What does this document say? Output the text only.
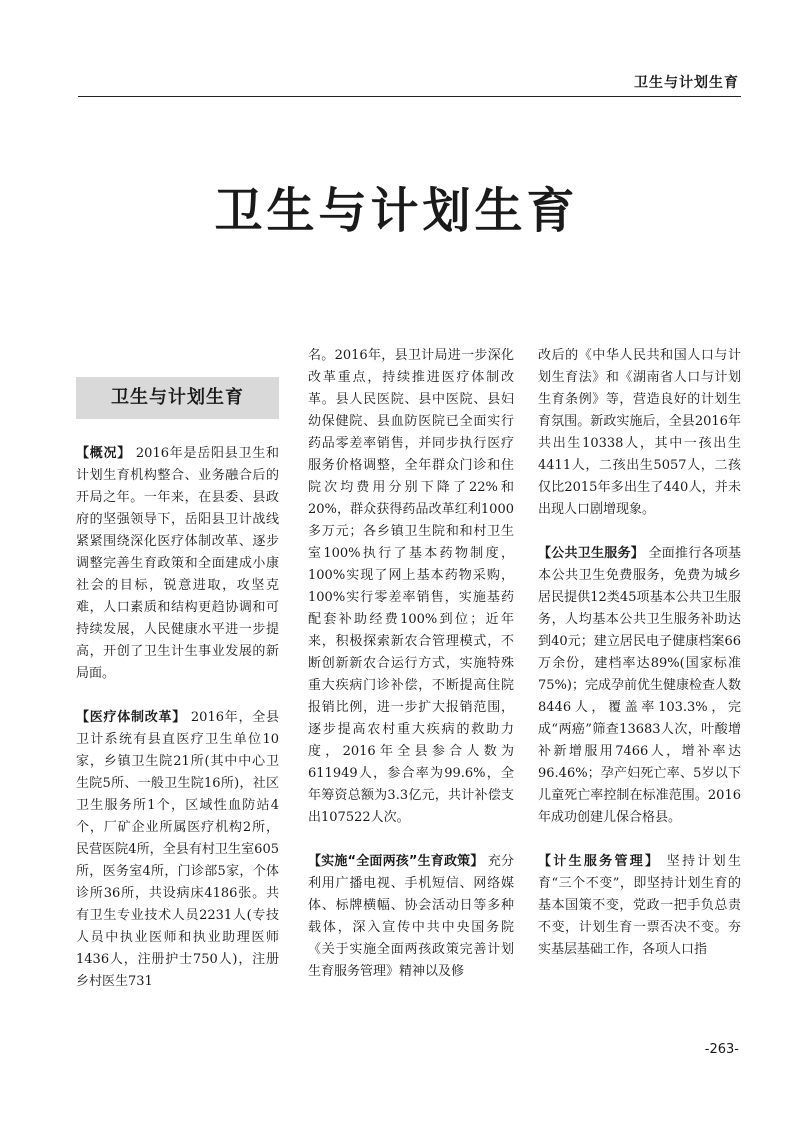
卫生与计划生育
卫生与计划生育
卫生与计划生育

【概况】 2016年是岳阳县卫生和计划生育机构整合、业务融合后的开局之年。一年来，在县委、县政府的坚强领导下，岳阳县卫计战线紧紧围绕深化医疗体制改革、逐步调整完善生育政策和全面建成小康社会的目标，锐意进取，攻坚克难，人口素质和结构更趋协调和可持续发展，人民健康水平进一步提高，开创了卫生计生事业发展的新局面。

【医疗体制改革】 2016年，全县卫计系统有县直医疗卫生单位10家，乡镇卫生院21所(其中中心卫生院5所、一般卫生院16所)，社区卫生服务所1个，区域性血防站4个，厂矿企业所属医疗机构2所，民营医院4所，全县有村卫生室605所，医务室4所，门诊部5家，个体诊所36所，共设病床4186张。共有卫生专业技术人员2231人(专技人员中执业医师和执业助理医师1436人，注册护士750人)，注册乡村医生731

名。2016年，县卫计局进一步深化改革重点，持续推进医疗体制改革。县人民医院、县中医院、县妇幼保健院、县血防医院已全面实行药品零差率销售，并同步执行医疗服务价格调整，全年群众门诊和住院次均费用分别下降了22%和20%，群众获得药品改革红利1000多万元；各乡镇卫生院和和村卫生室100%执行了基本药物制度，100%实现了网上基本药物采购，100%实行零差率销售，实施基药配套补助经费100%到位；近年来，积极探索新农合管理模式，不断创新新农合运行方式，实施特殊重大疾病门诊补偿，不断提高住院报销比例，进一步扩大报销范围，逐步提高农村重大疾病的救助力度，2016年全县参合人数为611949人，参合率为99.6%，全年筹资总额为3.3亿元，共计补偿支出107522人次。

【实施“全面两孩”生育政策】 充分利用广播电视、手机短信、网络媒体、标牌横幅、协会活动日等多种载体，深入宣传中共中央国务院《关于实施全面两孩政策完善计划生育服务管理》精神以及修

改后的《中华人民共和国人口与计划生育法》和《湖南省人口与计划生育条例》等，营造良好的计划生育氛围。新政实施后，全县2016年共出生10338人，其中一孩出生4411人，二孩出生5057人，二孩仅比2015年多出生了440人，并未出现人口剧增现象。

【公共卫生服务】 全面推行各项基本公共卫生免费服务，免费为城乡居民提供12类45项基本公共卫生服务，人均基本公共卫生服务补助达到40元；建立居民电子健康档案66万余份，建档率达89%(国家标准75%)；完成孕前优生健康检查人数8446人，覆盖率103.3%，完成“两癌”筛查13683人次，叶酸增补新增服用7466人，增补率达96.46%；孕产妇死亡率、5岁以下儿童死亡率控制在标准范围。2016年成功创建儿保合格县。

【计生服务管理】 坚持计划生育“三个不变”，即坚持计划生育的基本国策不变，党政一把手负总责不变，计划生育一票否决不变。夯实基层基础工作，各项人口指

-263-
